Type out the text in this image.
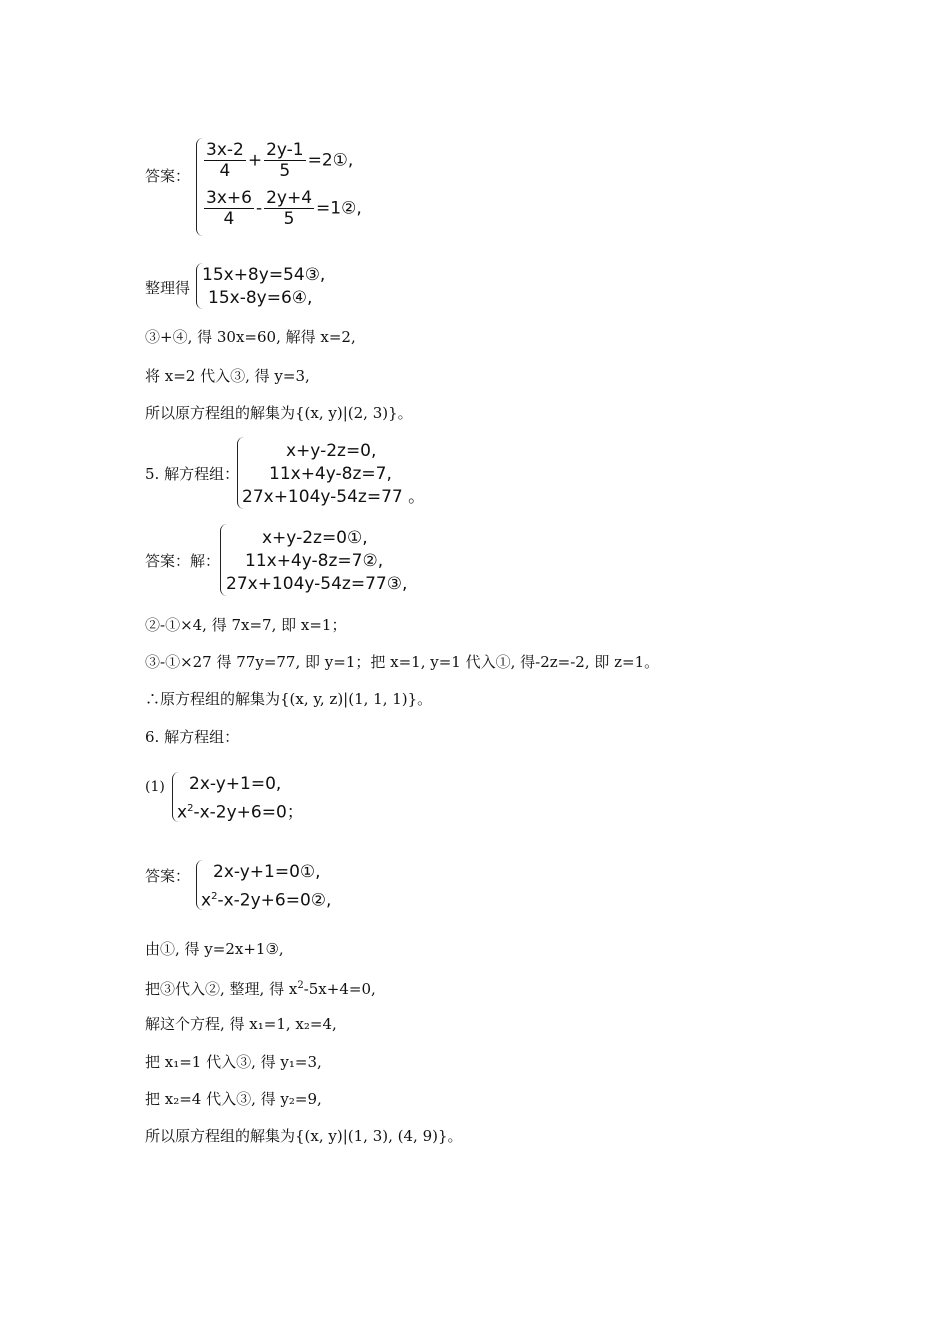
答案： $\frac{3x-2}{4} + \frac{2y-1}{5}$ =2①,
$\frac{3x+6}{4} - \frac{2y+4}{5}$ =1②,
整理得
15x+8y=54③,
15x-8y=6④,
③+④, 得 30x=60, 解得 x=2,
将 x=2 代入③, 得 y=3,
所以原方程组的解集为{(x, y)|(2, 3)}。
5. 解方程组：
x+y-2z=0,
11x+4y-8z=7,
27x+104y-54z=77 。
答案：解：
x+y-2z=0①,
11x+4y-8z=7②,
27x+104y-54z=77③,
②-①×4, 得 7x=7, 即 x=1；
③-①×27 得 77y=77, 即 y=1；把 x=1, y=1 代入①, 得-2z=-2, 即 z=1。
∴原方程组的解集为{(x, y, z)|(1, 1, 1)}。
6. 解方程组：
(1) 2x-y+1=0,
$x^2-x-2y+6=0$；
答案： 2x-y+1=0①,
$x^2-x-2y+6=0②$,
由①, 得 y=2x+1③,
把③代入②, 整理, 得 $x^2-5x+4=0$,
解这个方程, 得 x₁=1, x₂=4,
把 x₁=1 代入③, 得 y₁=3,
把 x₂=4 代入③, 得 y₂=9,
所以原方程组的解集为{(x, y)|(1, 3), (4, 9)}。
